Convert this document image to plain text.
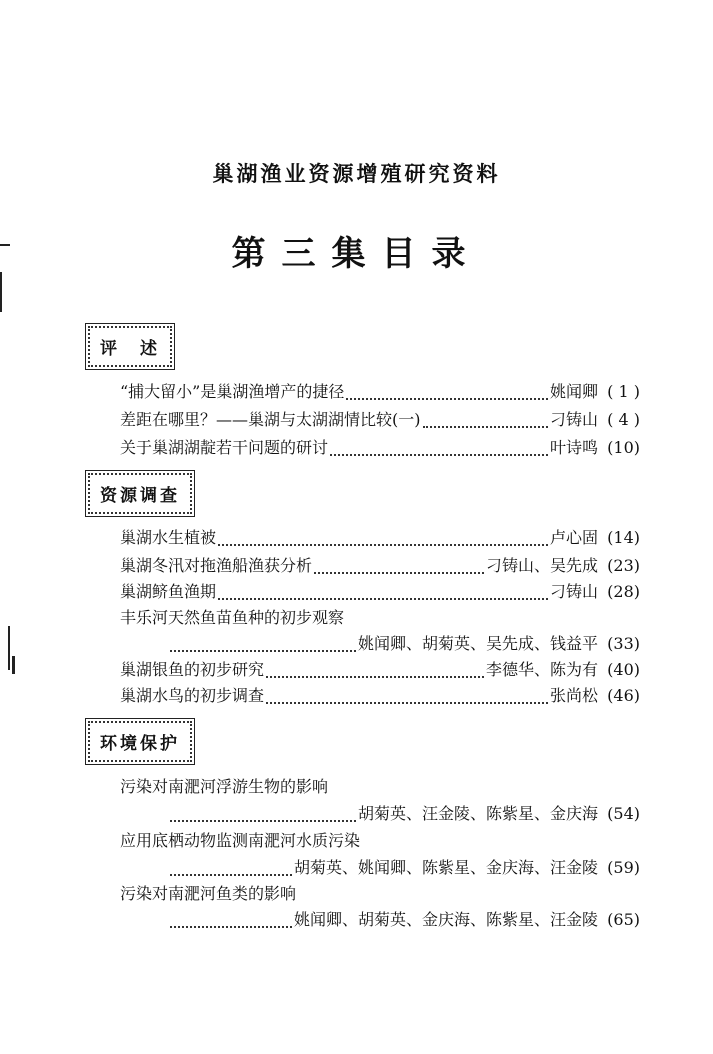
巢湖渔业资源增殖研究资料
第三集目录
评　述
“捕大留小”是巢湖渔增产的捷径	姚闻卿 ( 1 )
差距在哪里？——巢湖与太湖湖情比较(一)	刁铸山 ( 4 )
关于巢湖湖靛若干问题的研讨	叶诗鸣 (10)
资源调查
巢湖水生植被	卢心固 (14)
巢湖冬汛对拖渔船渔获分析	刁铸山、吴先成 (23)
巢湖鲚鱼渔期	刁铸山 (28)
丰乐河天然鱼苗鱼种的初步观察
姚闻卿、胡菊英、吴先成、钱益平 (33)
巢湖银鱼的初步研究	李德华、陈为有 (40)
巢湖水鸟的初步调查	张尚松 (46)
环境保护
污染对南淝河浮游生物的影响
胡菊英、汪金陵、陈紫星、金庆海 (54)
应用底栖动物监测南淝河水质污染
胡菊英、姚闻卿、陈紫星、金庆海、汪金陵 (59)
污染对南淝河鱼类的影响
姚闻卿、胡菊英、金庆海、陈紫星、汪金陵 (65)
